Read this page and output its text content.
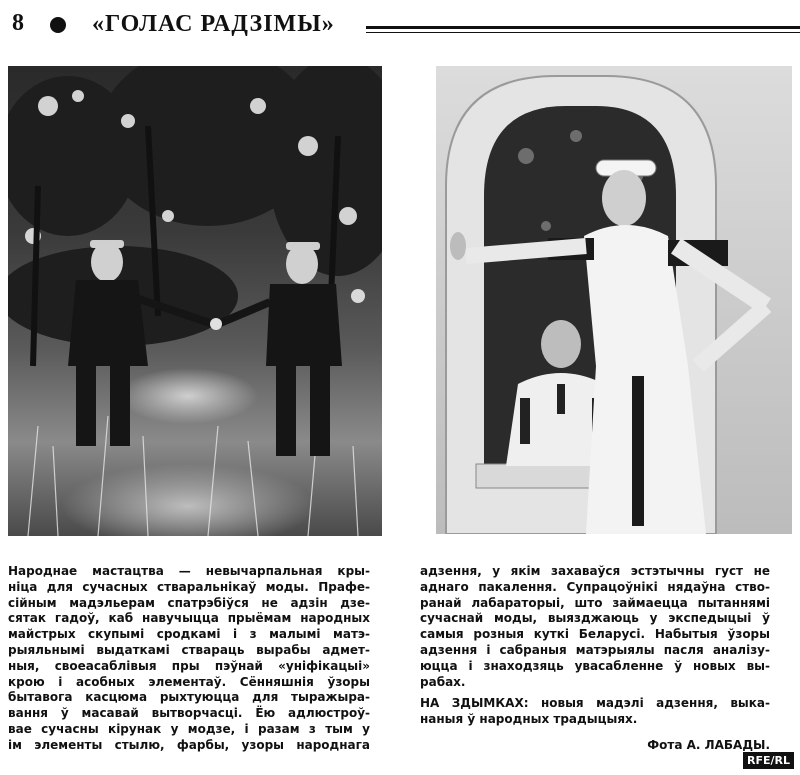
8	«ГОЛАС РАДЗІМЫ»
Народнае мастацтва — невычарпальная кры-
ніца для сучасных стваральнікаў моды. Прафе-
сійным мадэльерам спатрэбіўся не адзін дзе-
сятак гадоў, каб навучыцца прыёмам народных
майстрых скупымі сродкамі і з малымі матэ-
рыяльнымі выдаткамі ствараць вырабы адмет-
ныя, своеасаблівыя пры пэўнай «уніфікацыі»
крою і асобных элементаў. Сённяшнія ўзоры
бытавога касцюма рыхтуюцца для тыражыра-
вання ў масавай вытворчасці. Ёю адлюстроў-
вае сучасны кірунак у модзе, і разам з тым у
ім элементы стылю, фарбы, узоры народнага
адзення, у якім захаваўся эстэтычны густ не
аднаго пакалення. Супрацоўнікі нядаўна ство-
ранай лабараторыі, што займаецца пытаннямі
сучаснай моды, выязджаюць у экспедыцыі ў
самыя розныя куткі Беларусі. Набытыя ўзоры
адзення і сабраныя матэрыялы пасля аналізу-
юцца і знаходзяць увасабленне ў новых вы-
рабах.
НА ЗДЫМКАХ: новыя мадэлі адзення, выка-
наныя ў народных традыцыях.
Фота А. ЛАБАДЫ.
RFE/RL
